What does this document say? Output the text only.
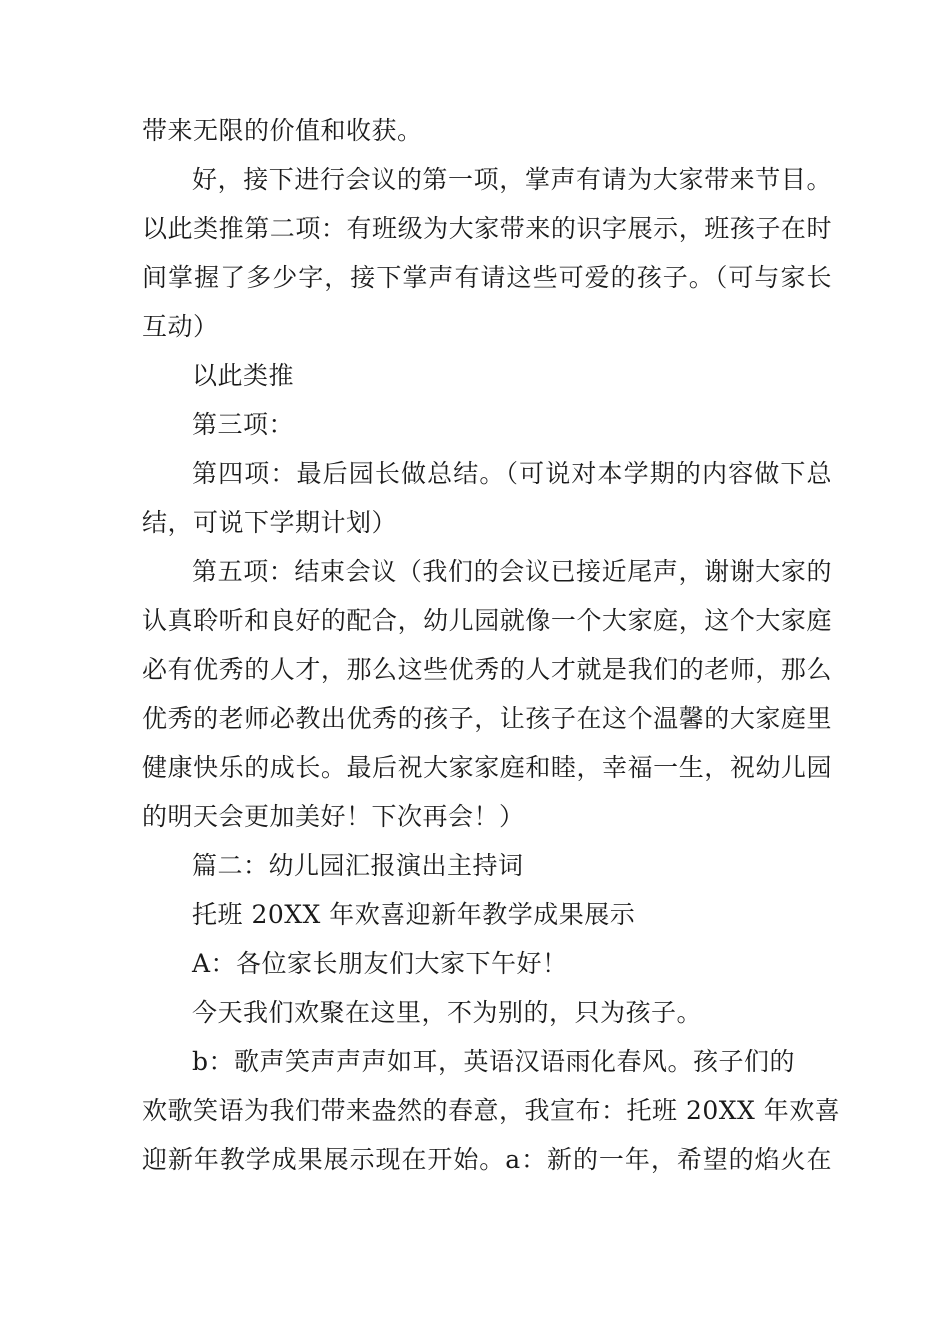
带来无限的价值和收获。
好，接下进行会议的第一项，掌声有请为大家带来节目。
以此类推第二项：有班级为大家带来的识字展示，班孩子在时
间掌握了多少字，接下掌声有请这些可爱的孩子。（可与家长
互动）
以此类推
第三项：
第四项：最后园长做总结。（可说对本学期的内容做下总
结，可说下学期计划）
第五项：结束会议（我们的会议已接近尾声，谢谢大家的
认真聆听和良好的配合，幼儿园就像一个大家庭，这个大家庭
必有优秀的人才，那么这些优秀的人才就是我们的老师，那么
优秀的老师必教出优秀的孩子，让孩子在这个温馨的大家庭里
健康快乐的成长。最后祝大家家庭和睦，幸福一生，祝幼儿园
的明天会更加美好！下次再会！）
篇二：幼儿园汇报演出主持词
托班 20XX 年欢喜迎新年教学成果展示
A：各位家长朋友们大家下午好！
今天我们欢聚在这里，不为别的，只为孩子。
b：歌声笑声声声如耳，英语汉语雨化春风。孩子们的
欢歌笑语为我们带来盎然的春意，我宣布：托班 20XX 年欢喜
迎新年教学成果展示现在开始。a：新的一年，希望的焰火在
